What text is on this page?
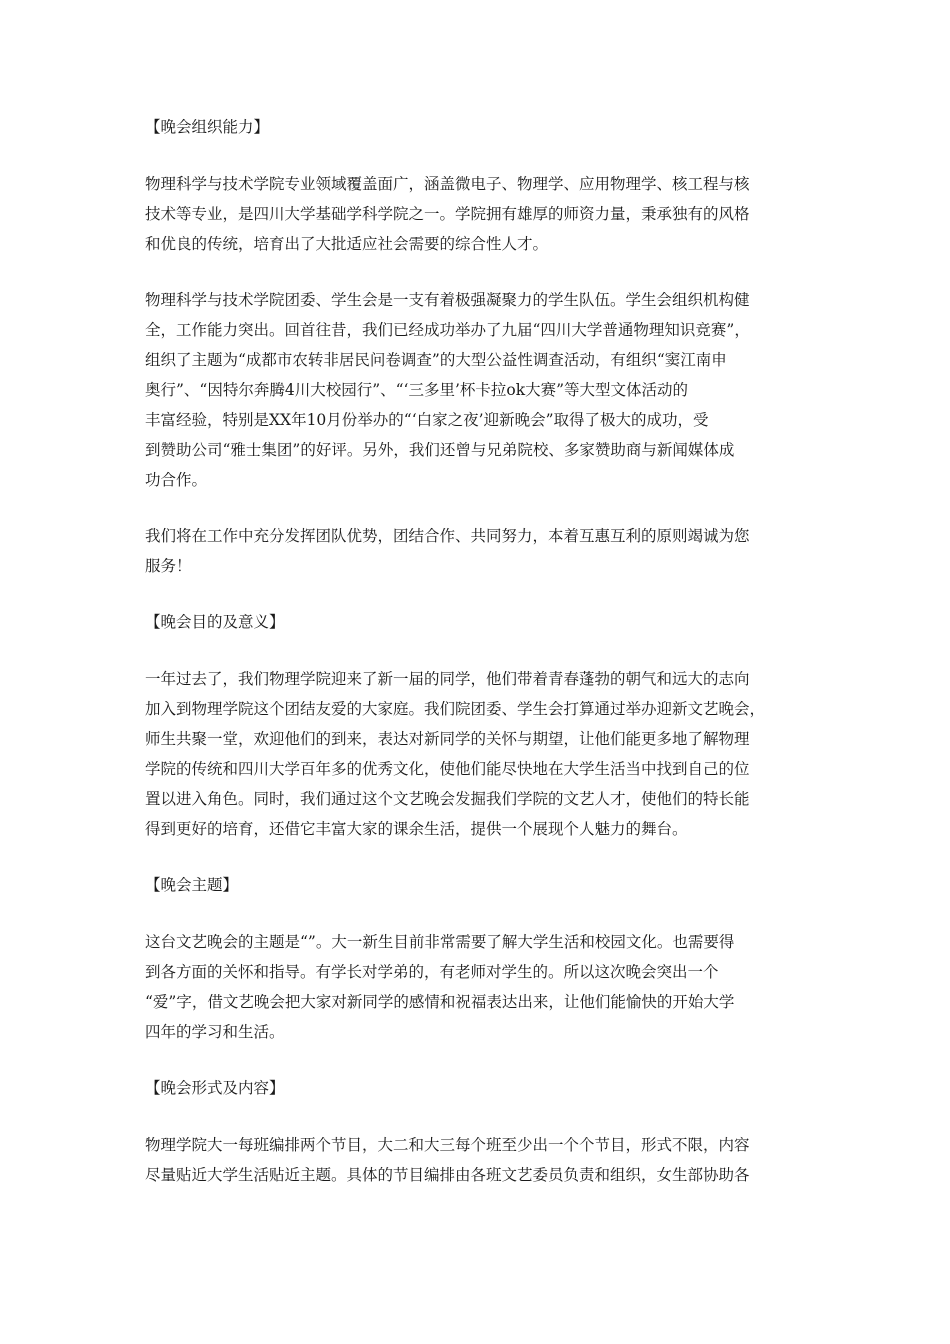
【晚会组织能力】
物理科学与技术学院专业领域覆盖面广，涵盖微电子、物理学、应用物理学、核工程与核
技术等专业，是四川大学基础学科学院之一。学院拥有雄厚的师资力量，秉承独有的风格
和优良的传统，培育出了大批适应社会需要的综合性人才。
物理科学与技术学院团委、学生会是一支有着极强凝聚力的学生队伍。学生会组织机构健
全，工作能力突出。回首往昔，我们已经成功举办了九届“四川大学普通物理知识竞赛”，
组织了主题为“成都市农转非居民问卷调查”的大型公益性调查活动，有组织“窦江南申
奥行”、“因特尔奔腾4川大校园行”、“‘三多里’杯卡拉ok大赛”等大型文体活动的
丰富经验，特别是XX年10月份举办的“‘白家之夜’迎新晚会”取得了极大的成功，受
到赞助公司“雅士集团”的好评。另外，我们还曾与兄弟院校、多家赞助商与新闻媒体成
功合作。
我们将在工作中充分发挥团队优势，团结合作、共同努力，本着互惠互利的原则竭诚为您
服务！
【晚会目的及意义】
一年过去了，我们物理学院迎来了新一届的同学，他们带着青春蓬勃的朝气和远大的志向
加入到物理学院这个团结友爱的大家庭。我们院团委、学生会打算通过举办迎新文艺晚会，
师生共聚一堂，欢迎他们的到来，表达对新同学的关怀与期望，让他们能更多地了解物理
学院的传统和四川大学百年多的优秀文化，使他们能尽快地在大学生活当中找到自己的位
置以进入角色。同时，我们通过这个文艺晚会发掘我们学院的文艺人才，使他们的特长能
得到更好的培育，还借它丰富大家的课余生活，提供一个展现个人魅力的舞台。
【晚会主题】
这台文艺晚会的主题是“”。大一新生目前非常需要了解大学生活和校园文化。也需要得
到各方面的关怀和指导。有学长对学弟的，有老师对学生的。所以这次晚会突出一个
“爱”字，借文艺晚会把大家对新同学的感情和祝福表达出来，让他们能愉快的开始大学
四年的学习和生活。
【晚会形式及内容】
物理学院大一每班编排两个节目，大二和大三每个班至少出一个个节目，形式不限，内容
尽量贴近大学生活贴近主题。具体的节目编排由各班文艺委员负责和组织，女生部协助各
